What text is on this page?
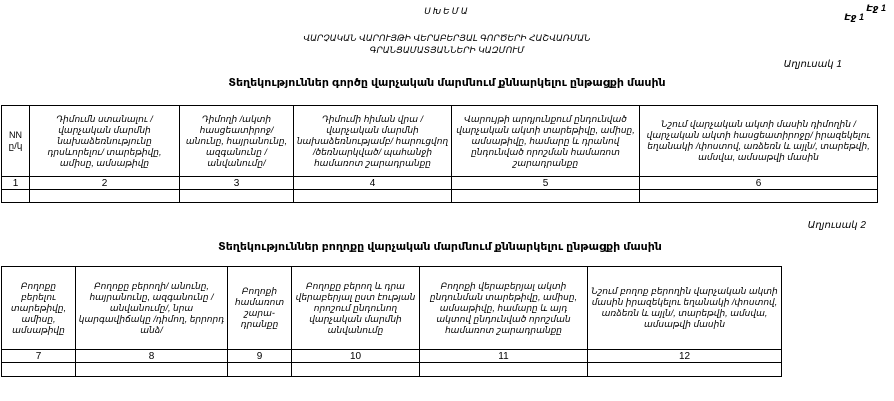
ՍԽԵՄԱ
Էջ 1
Էջ 1
ՎԱՐՉԱԿԱՆ ՎԱՐՈՒՅԹԻ ՎԵՐԱԲԵՐՅԱԼ ԳՈՐԾԵՐԻ ՀԱՇՎԱՌՄԱՆ
ԳՐԱՆՑԱՄԱՏՅԱՆՆԵՐԻ ԿԱԶՄՈՒՄ
Աղյուսակ 1
Տեղեկություններ գործը վարչական մարմնում քննարկելու ընթացքի մասին
NN ը/կ	Դիմումն ստանալու /վարչական մարմնի նախաձեռնությունը դրսևորելու/ տարեթիվը, ամիսը, ամսաթիվը	Դիմողի /ակտի հասցեատիրոջ/ անունը, հայրանունը, ազգանունը /անվանումը/	Դիմումի հիման վրա /վարչական մարմնի նախաձեռնությամբ/ հարուցվող /ծեռնարկված/ պահանջի համառոտ շարադրանքը	Վարույթի արդյունքում ընդունված վարչական ակտի տարեթիվը, ամիսը, ամսաթիվը, համարը և դրանով ընդունված որոշման համառոտ շարադրանքը	Նշում վարչական ակտի մասին դիմողին /վարչական ակտի հասցեատիրոջը/ իրազեկելու եղանակի /փոստով, առձեռն և այլն/, տարեթվի, ամսվա, ամսաթվի մասին
1	2	3	4	5	6

Աղյուսակ 2
Տեղեկություններ բողոքը վարչական մարմնում քննարկելու ընթացքի մասին
Բողոքը բերելու տարեթիվը, ամիսը, ամսաթիվը	Բողոքը բերողի/ անունը, հայրանունը, ազգանունը /անվանումը/, նրա կարգավիճակը /դիմող, երրորդ անձ/	Բողոքի համառոտ շարա-դրանքը	Բողոքը բերող և դրա վերաբերյալ ըստ էության որոշում ընդունող վարչական մարմնի անվանումը	Բողոքի վերաբերյալ ակտի ընդունման տարեթիվը, ամիսը, ամսաթիվը, համարը և այդ ակտով ընդունված որոշման համառոտ շարադրանքը	Նշում բողոք բերողին վարչական ակտի մասին իրազեկելու եղանակի /փոստով, առձեռն և այլն/, տարեթվի, ամսվա, ամսաթվի մասին
7	8	9	10	11	12
